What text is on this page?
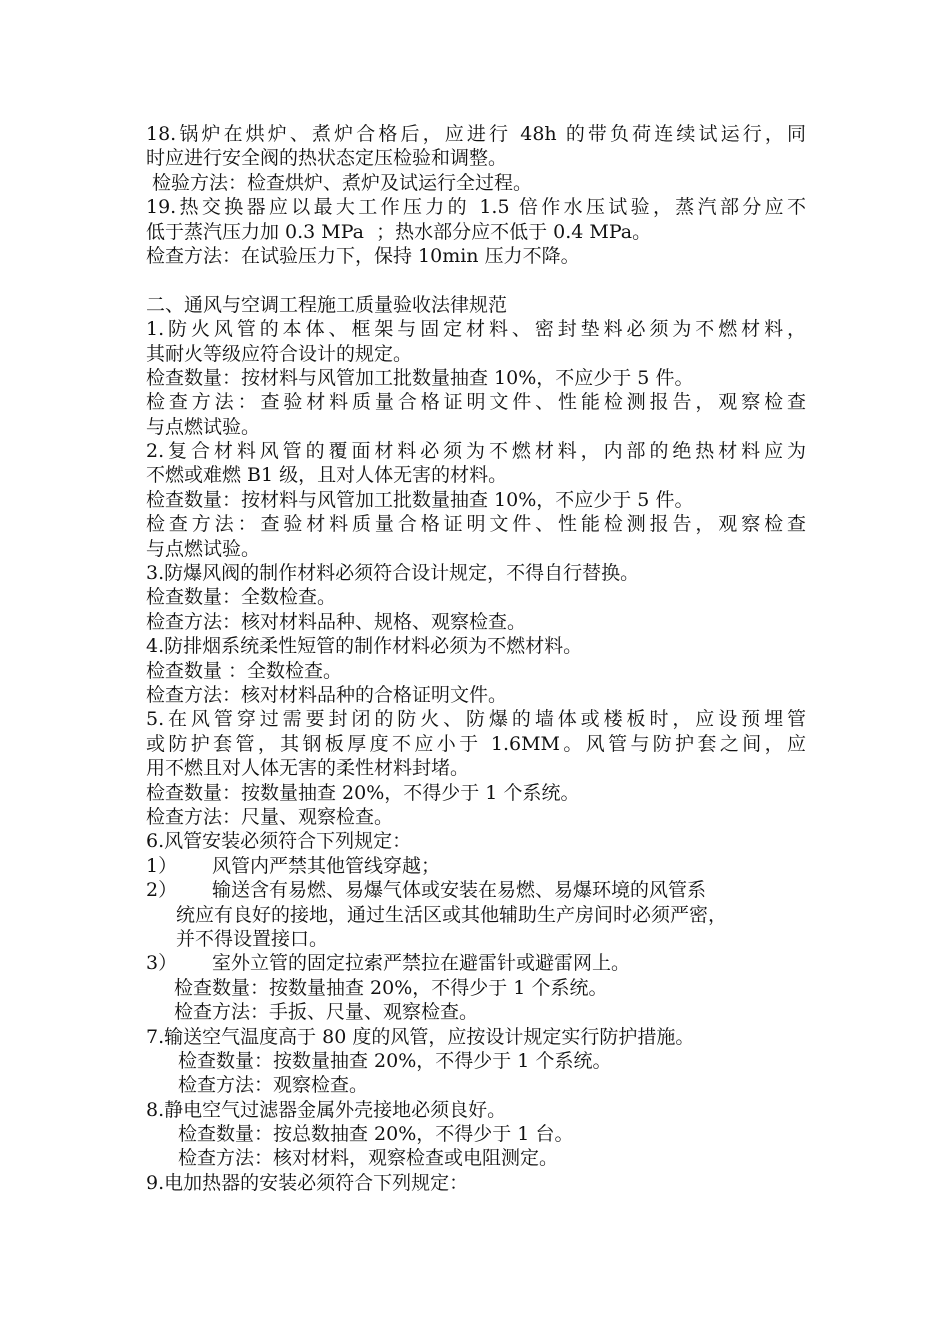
18.锅炉在烘炉、煮炉合格后，应进行 48h 的带负荷连续试运行，同
时应进行安全阀的热状态定压检验和调整。
检验方法：检查烘炉、煮炉及试运行全过程。
19.热交换器应以最大工作压力的 1.5 倍作水压试验，蒸汽部分应不
低于蒸汽压力加 0.3 MPa  ；热水部分应不低于 0.4 MPa。
检查方法：在试验压力下，保持 10min 压力不降。
二、通风与空调工程施工质量验收法律规范
1.防火风管的本体、框架与固定材料、密封垫料必须为不燃材料，
其耐火等级应符合设计的规定。
检查数量：按材料与风管加工批数量抽查 10%，不应少于 5 件。
检查方法：查验材料质量合格证明文件、性能检测报告，观察检查
与点燃试验。
2.复合材料风管的覆面材料必须为不燃材料，内部的绝热材料应为
不燃或难燃 B1 级，且对人体无害的材料。
检查数量：按材料与风管加工批数量抽查 10%，不应少于 5 件。
检查方法：查验材料质量合格证明文件、性能检测报告，观察检查
与点燃试验。
3.防爆风阀的制作材料必须符合设计规定，不得自行替换。
检查数量：全数检查。
检查方法：核对材料品种、规格、观察检查。
4.防排烟系统柔性短管的制作材料必须为不燃材料。
检查数量 ：全数检查。
检查方法：核对材料品种的合格证明文件。
5.在风管穿过需要封闭的防火、防爆的墙体或楼板时，应设预埋管
或防护套管，其钢板厚度不应小于 1.6MM。风管与防护套之间，应
用不燃且对人体无害的柔性材料封堵。
检查数量：按数量抽查 20%，不得少于 1 个系统。
检查方法：尺量、观察检查。
6.风管安装必须符合下列规定：
1）	风管内严禁其他管线穿越；
2）	输送含有易燃、易爆气体或安装在易燃、易爆环境的风管系
统应有良好的接地，通过生活区或其他辅助生产房间时必须严密，
并不得设置接口。
3）	室外立管的固定拉索严禁拉在避雷针或避雷网上。
检查数量：按数量抽查 20%，不得少于 1 个系统。
检查方法：手扳、尺量、观察检查。
7.输送空气温度高于 80 度的风管，应按设计规定实行防护措施。
检查数量：按数量抽查 20%，不得少于 1 个系统。
检查方法：观察检查。
8.静电空气过滤器金属外壳接地必须良好。
检查数量：按总数抽查 20%，不得少于 1 台。
检查方法：核对材料，观察检查或电阻测定。
9.电加热器的安装必须符合下列规定：
